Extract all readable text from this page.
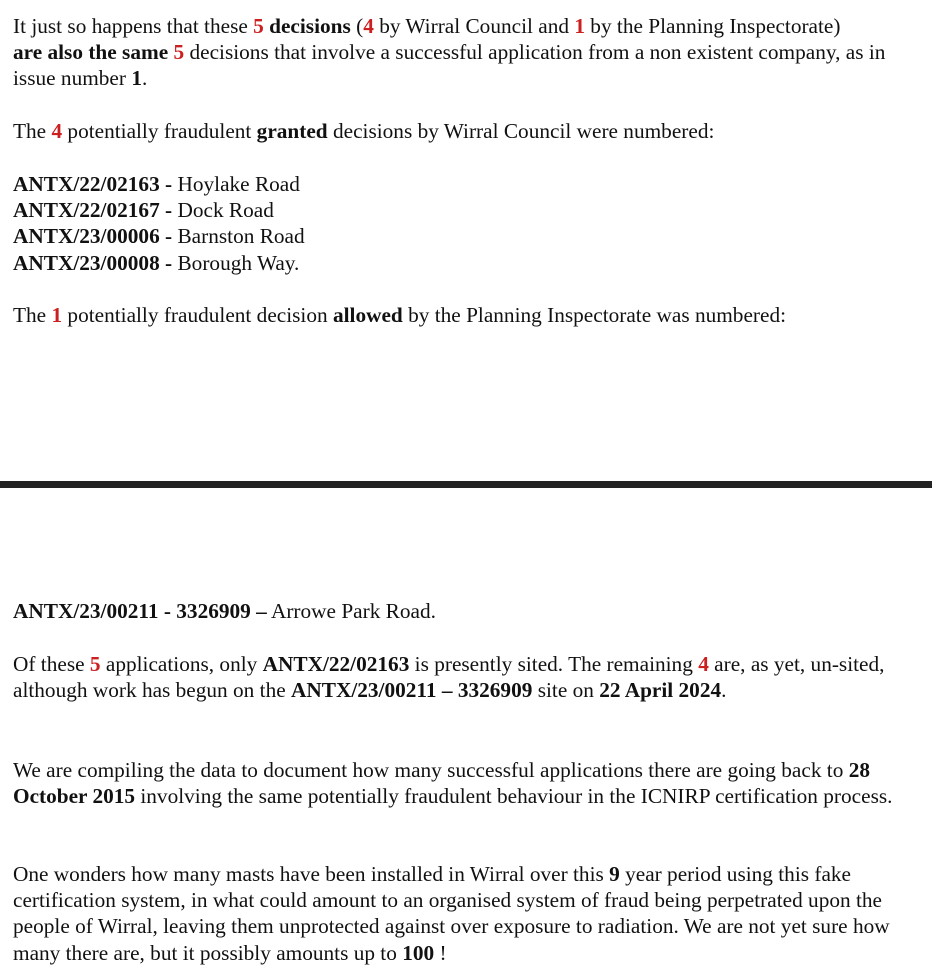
It just so happens that these 5 decisions (4 by Wirral Council and 1 by the Planning Inspectorate)
are also the same 5 decisions that involve a successful application from a non existent company, as in issue number 1.

The 4 potentially fraudulent granted decisions by Wirral Council were numbered:

ANTX/22/02163 - Hoylake Road
ANTX/22/02167 - Dock Road
ANTX/23/00006 - Barnston Road
ANTX/23/00008 - Borough Way.

The 1 potentially fraudulent decision allowed by the Planning Inspectorate was numbered:

ANTX/23/00211 - 3326909 – Arrowe Park Road.

Of these 5 applications, only ANTX/22/02163 is presently sited. The remaining 4 are, as yet, un-sited, although work has begun on the ANTX/23/00211 – 3326909 site on 22 April 2024.

We are compiling the data to document how many successful applications there are going back to 28 October 2015 involving the same potentially fraudulent behaviour in the ICNIRP certification process.

One wonders how many masts have been installed in Wirral over this 9 year period using this fake certification system, in what could amount to an organised system of fraud being perpetrated upon the people of Wirral, leaving them unprotected against over exposure to radiation. We are not yet sure how many there are, but it possibly amounts up to 100 !
